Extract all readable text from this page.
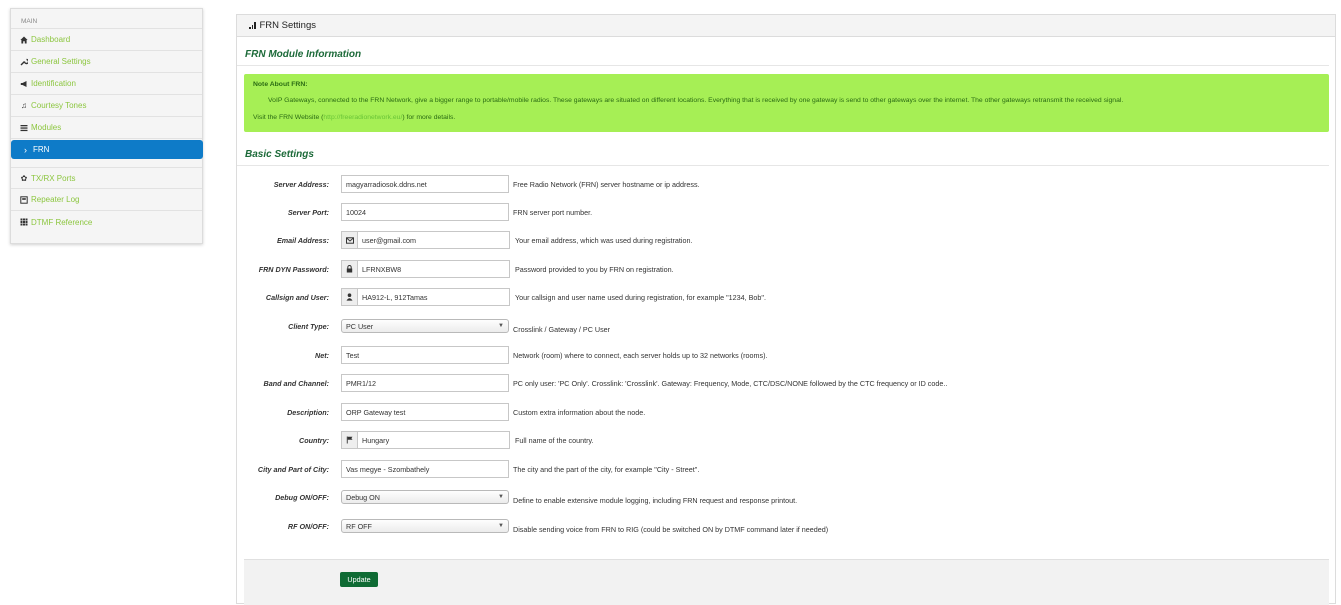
MAIN
Dashboard
General Settings
Identification
♫ Courtesy Tones
Modules
› FRN
✿ TX/RX Ports
Repeater Log
DTMF Reference
FRN Settings
FRN Module Information
Note About FRN:
VoIP Gateways, connected to the FRN Network, give a bigger range to portable/mobile radios. These gateways are situated on different locations. Everything that is received by one gateway is send to other gateways over the internet. The other gateways retransmit the received signal.
Visit the FRN Website (http://freeradionetwork.eu/) for more details.
Basic Settings
Server Address:	magyarradiosok.ddns.net	Free Radio Network (FRN) server hostname or ip address.
Server Port:	10024	FRN server port number.
Email Address:	user@gmail.com	Your email address, which was used during registration.
FRN DYN Password:	LFRNXBW8	Password provided to you by FRN on registration.
Callsign and User:	HA912-L, 912Tamas	Your callsign and user name used during registration, for example "1234, Bob".
Client Type: PC User	▼ Crosslink / Gateway / PC User
Net:	Test	Network (room) where to connect, each server holds up to 32 networks (rooms).
Band and Channel:	PMR1/12	PC only user: 'PC Only'. Crosslink: 'Crosslink'. Gateway: Frequency, Mode, CTC/DSC/NONE followed by the CTC frequency or ID code..
Description:	ORP Gateway test	Custom extra information about the node.
Country:	Hungary	Full name of the country.
City and Part of City:	Vas megye - Szombathely	The city and the part of the city, for example "City - Street".
Debug ON/OFF: Debug ON	▼ Define to enable extensive module logging, including FRN request and response printout.
RF ON/OFF: RF OFF	▼ Disable sending voice from FRN to RIG (could be switched ON by DTMF command later if needed)
Update
